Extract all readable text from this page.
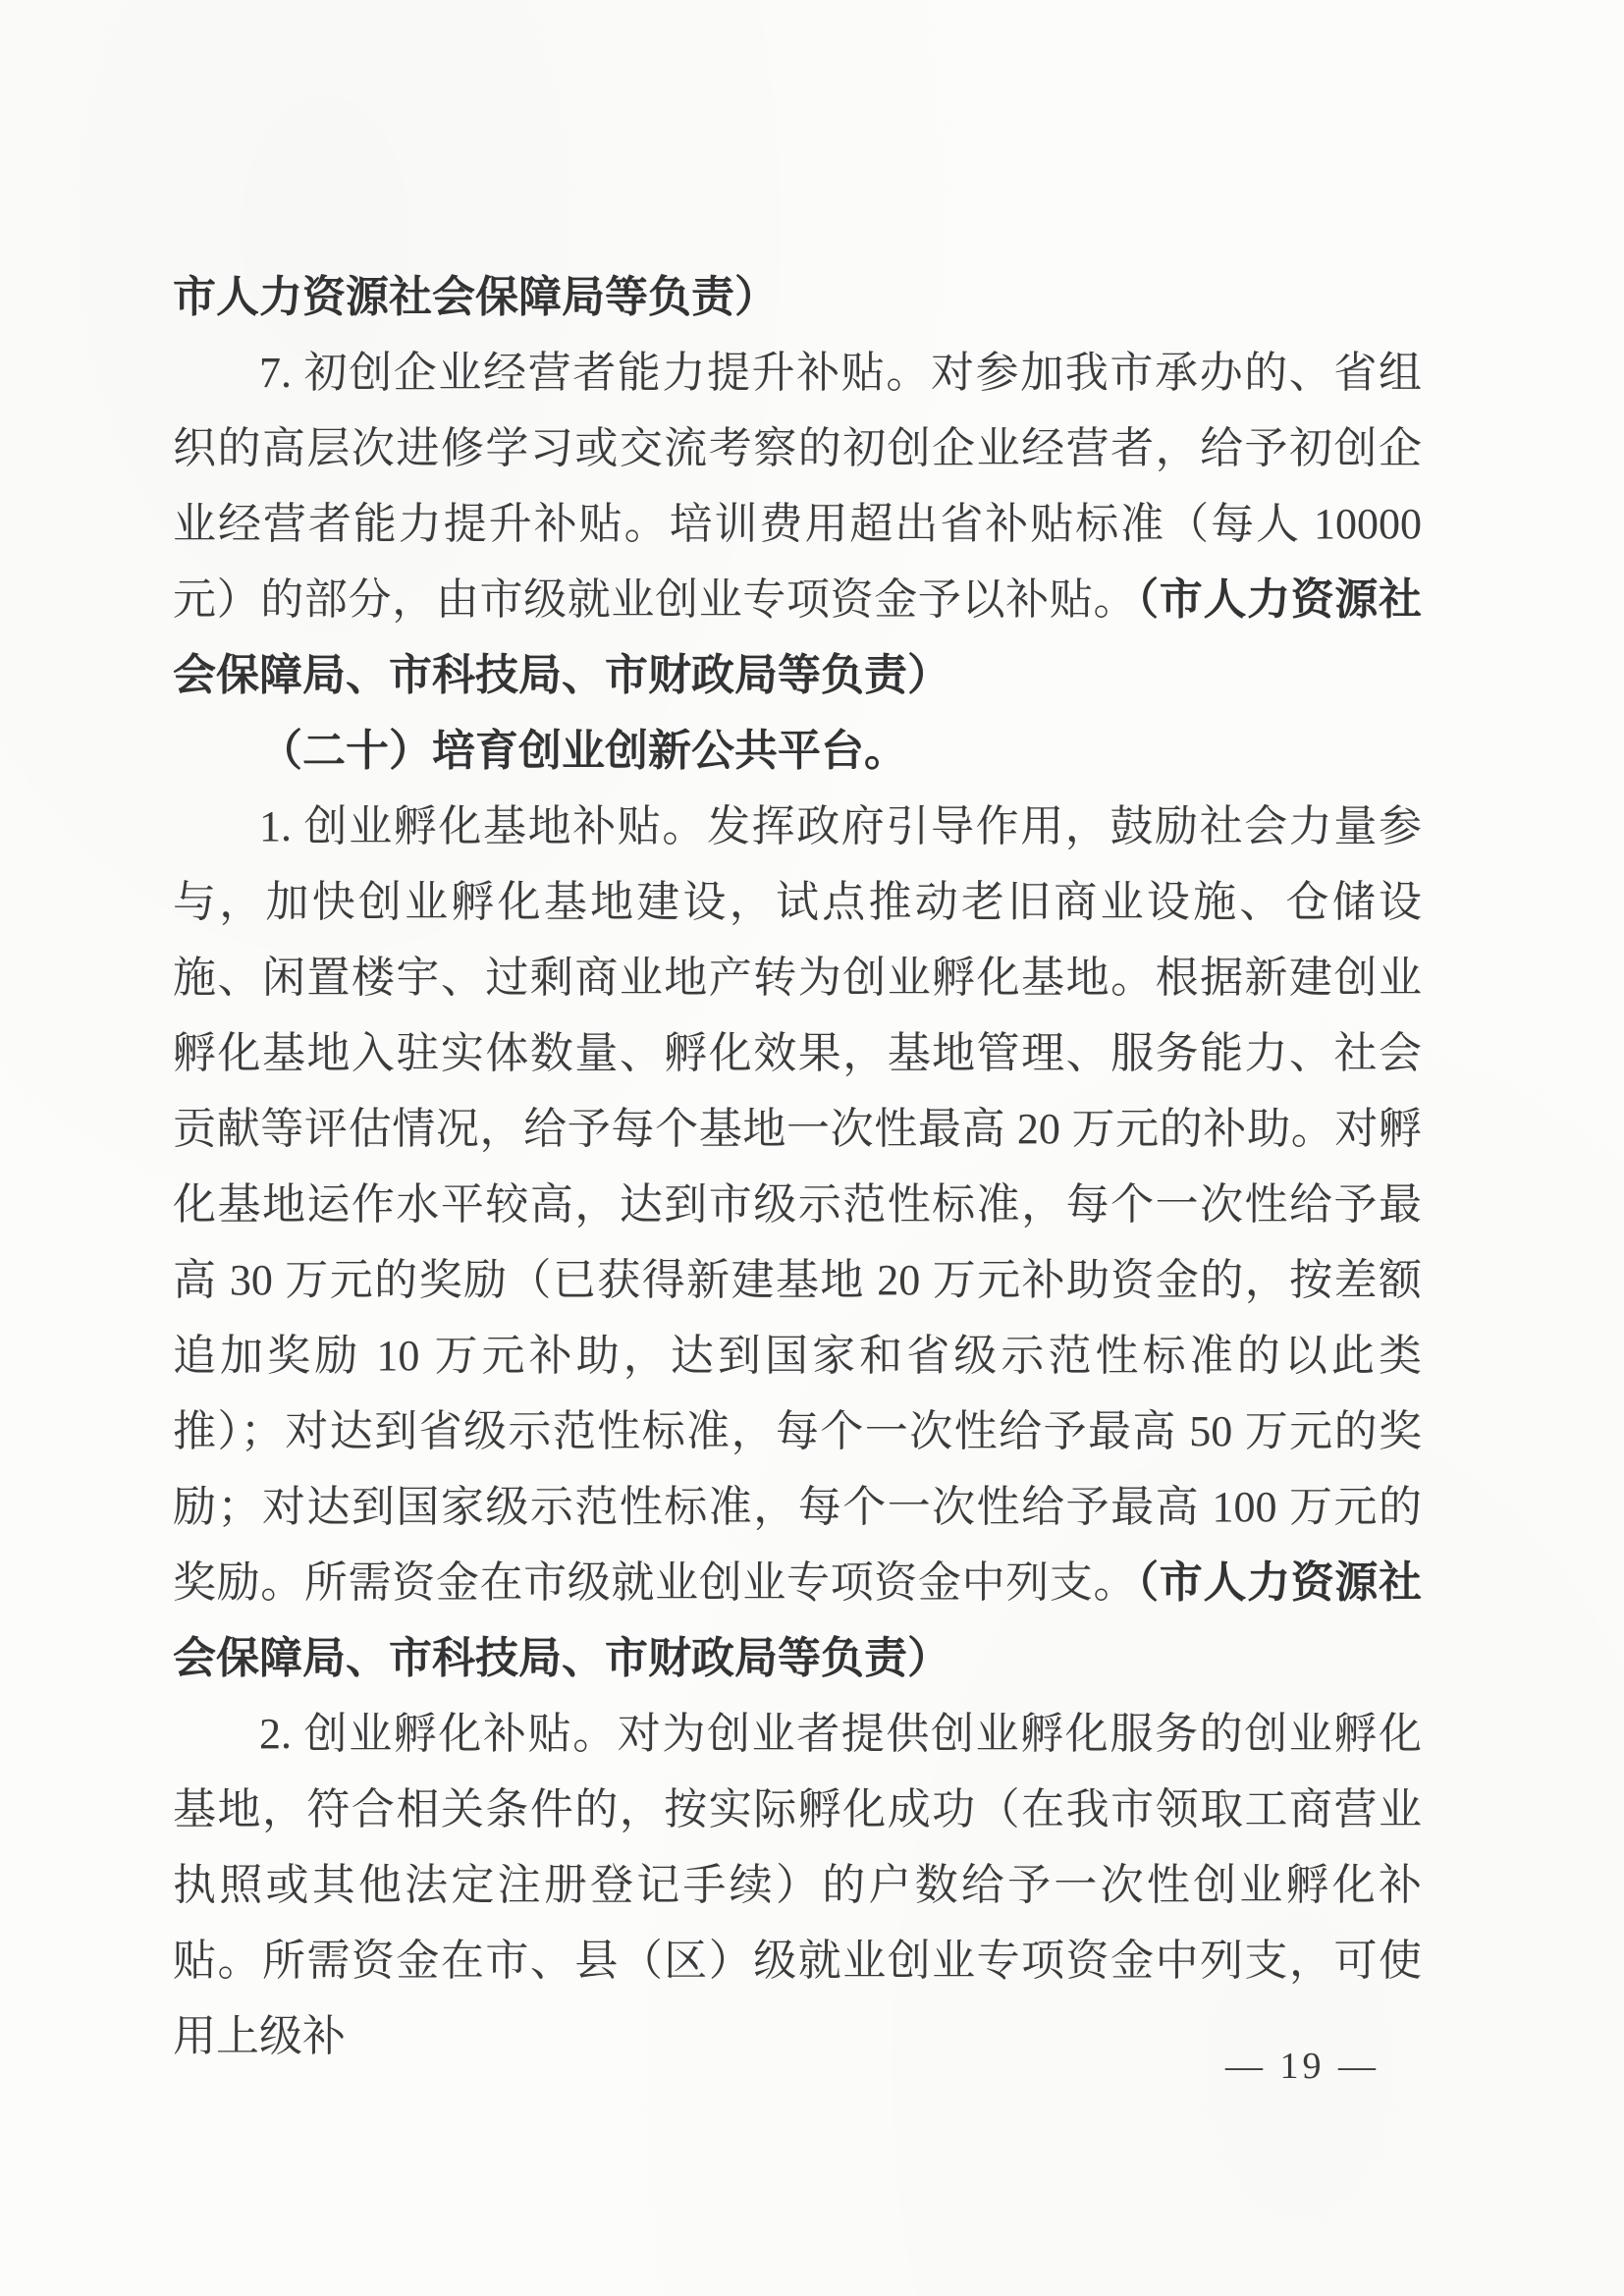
市人力资源社会保障局等负责）

7. 初创企业经营者能力提升补贴。对参加我市承办的、省组织的高层次进修学习或交流考察的初创企业经营者，给予初创企业经营者能力提升补贴。培训费用超出省补贴标准（每人 10000 元）的部分，由市级就业创业专项资金予以补贴。（市人力资源社会保障局、市科技局、市财政局等负责）

（二十）培育创业创新公共平台。

1. 创业孵化基地补贴。发挥政府引导作用，鼓励社会力量参与，加快创业孵化基地建设，试点推动老旧商业设施、仓储设施、闲置楼宇、过剩商业地产转为创业孵化基地。根据新建创业孵化基地入驻实体数量、孵化效果，基地管理、服务能力、社会贡献等评估情况，给予每个基地一次性最高 20 万元的补助。对孵化基地运作水平较高，达到市级示范性标准，每个一次性给予最高 30 万元的奖励（已获得新建基地 20 万元补助资金的，按差额追加奖励 10 万元补助，达到国家和省级示范性标准的以此类推）；对达到省级示范性标准，每个一次性给予最高 50 万元的奖励；对达到国家级示范性标准，每个一次性给予最高 100 万元的奖励。所需资金在市级就业创业专项资金中列支。（市人力资源社会保障局、市科技局、市财政局等负责）

2. 创业孵化补贴。对为创业者提供创业孵化服务的创业孵化基地，符合相关条件的，按实际孵化成功（在我市领取工商营业执照或其他法定注册登记手续）的户数给予一次性创业孵化补贴。所需资金在市、县（区）级就业创业专项资金中列支，可使用上级补

— 19 —
